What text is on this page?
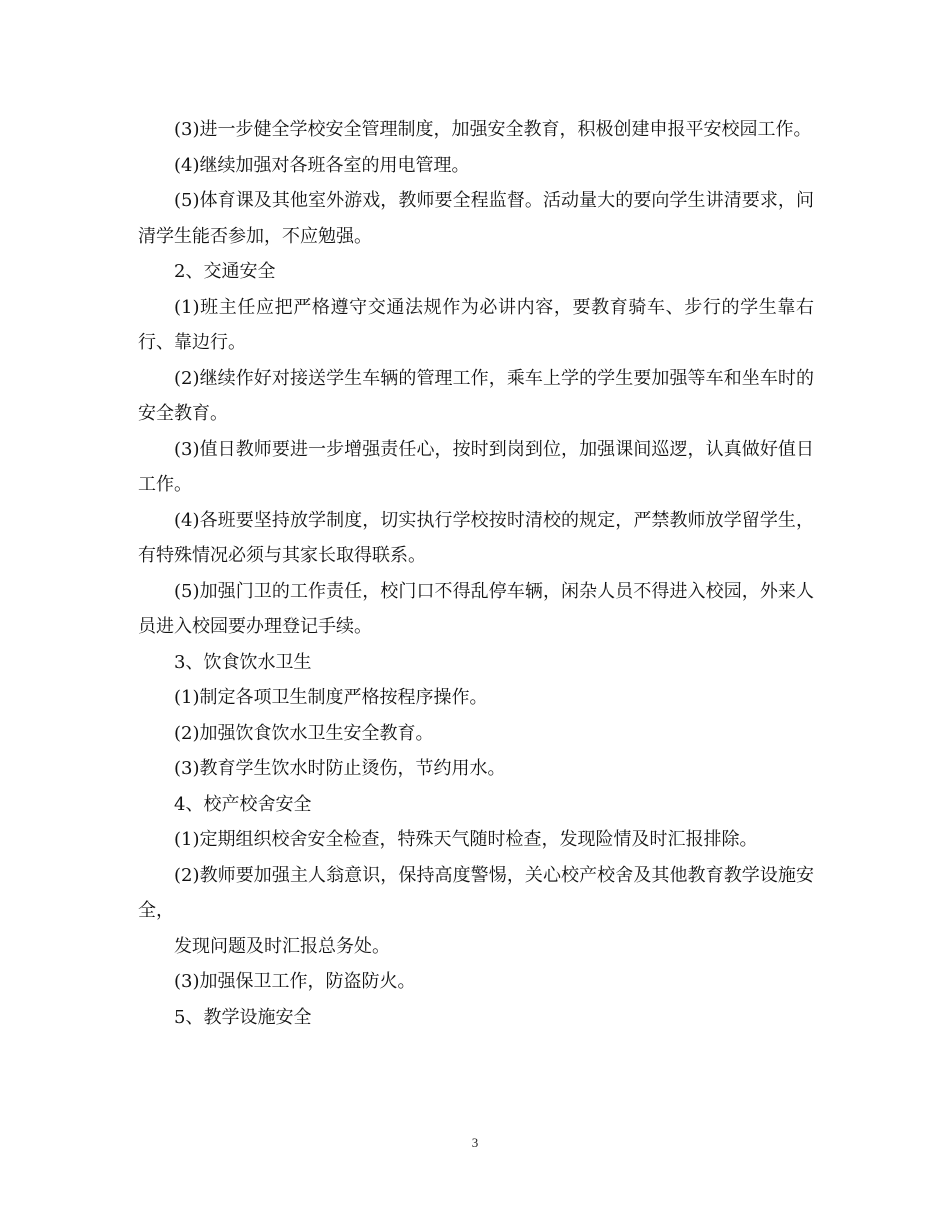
(3)进一步健全学校安全管理制度，加强安全教育，积极创建申报平安校园工作。

(4)继续加强对各班各室的用电管理。

(5)体育课及其他室外游戏，教师要全程监督。活动量大的要向学生讲清要求，问清学生能否参加，不应勉强。

2、交通安全

(1)班主任应把严格遵守交通法规作为必讲内容，要教育骑车、步行的学生靠右行、靠边行。

(2)继续作好对接送学生车辆的管理工作，乘车上学的学生要加强等车和坐车时的安全教育。

(3)值日教师要进一步增强责任心，按时到岗到位，加强课间巡逻，认真做好值日工作。

(4)各班要坚持放学制度，切实执行学校按时清校的规定，严禁教师放学留学生，有特殊情况必须与其家长取得联系。

(5)加强门卫的工作责任，校门口不得乱停车辆，闲杂人员不得进入校园，外来人员进入校园要办理登记手续。

3、饮食饮水卫生

(1)制定各项卫生制度严格按程序操作。

(2)加强饮食饮水卫生安全教育。

(3)教育学生饮水时防止烫伤，节约用水。

4、校产校舍安全

(1)定期组织校舍安全检查，特殊天气随时检查，发现险情及时汇报排除。

(2)教师要加强主人翁意识，保持高度警惕，关心校产校舍及其他教育教学设施安全，

发现问题及时汇报总务处。

(3)加强保卫工作，防盗防火。

5、教学设施安全

3
